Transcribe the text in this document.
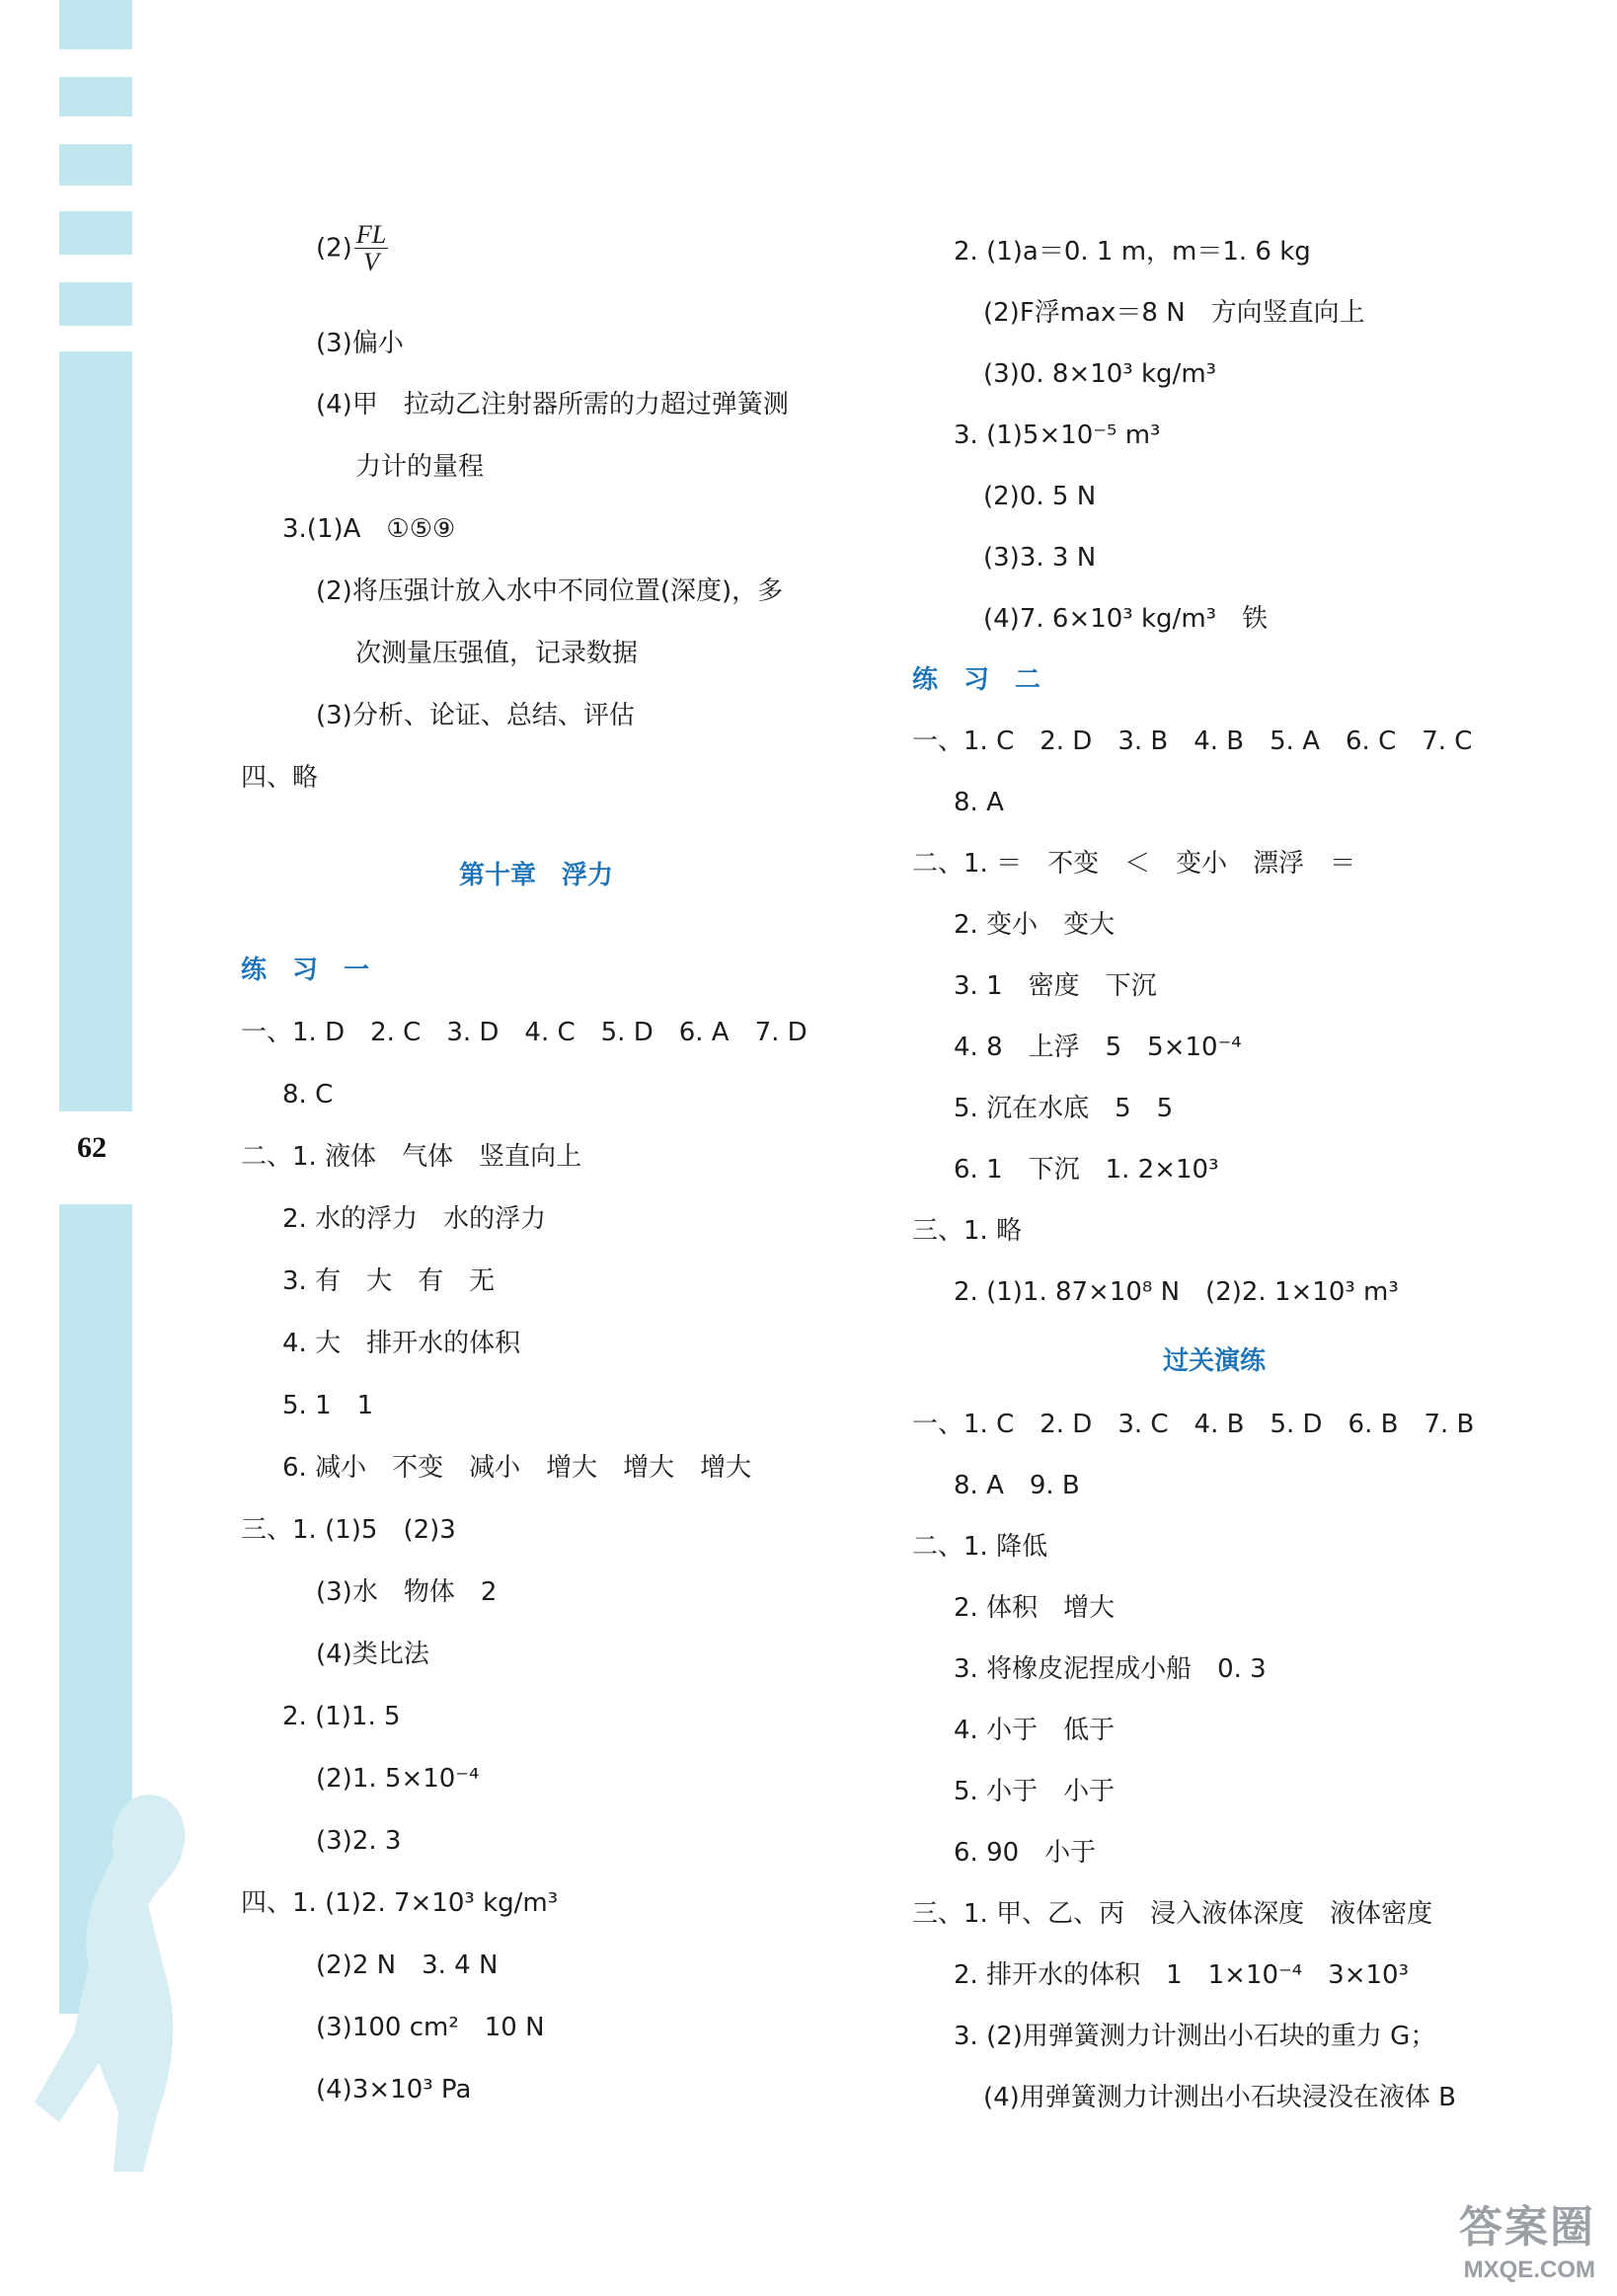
62
$(2) \frac{FL}{V}$
(3)偏小
(4)甲　拉动乙注射器所需的力超过弹簧测
力计的量程
3.(1)A　①⑤⑨
(2)将压强计放入水中不同位置(深度)，多
次测量压强值，记录数据
(3)分析、论证、总结、评估
四、略
第十章　浮力
练　习　一
一、1. D　2. C　3. D　4. C　5. D　6. A　7. D
8. C
二、1. 液体　气体　竖直向上
2. 水的浮力　水的浮力
3. 有　大　有　无
4. 大　排开水的体积
5. 1　1
6. 减小　不变　减小　增大　增大　增大
三、1. (1)5　(2)3
(3)水　物体　2
(4)类比法
2. (1)1. 5
(2)1. 5×10⁻⁴
(3)2. 3
四、1. (1)2. 7×10³ kg/m³
(2)2 N　3. 4 N
(3)100 cm²　10 N
(4)3×10³ Pa
2. (1)a＝0. 1 m，m＝1. 6 kg
(2)F浮max＝8 N　方向竖直向上
(3)0. 8×10³ kg/m³
3. (1)5×10⁻⁵ m³
(2)0. 5 N
(3)3. 3 N
(4)7. 6×10³ kg/m³　铁
练　习　二
一、1. C　2. D　3. B　4. B　5. A　6. C　7. C
8. A
二、1. ＝　不变　＜　变小　漂浮　＝
2. 变小　变大
3. 1　密度　下沉
4. 8　上浮　5　5×10⁻⁴
5. 沉在水底　5　5
6. 1　下沉　1. 2×10³
三、1. 略
2. (1)1. 87×10⁸ N　(2)2. 1×10³ m³
过关演练
一、1. C　2. D　3. C　4. B　5. D　6. B　7. B
8. A　9. B
二、1. 降低
2. 体积　增大
3. 将橡皮泥捏成小船　0. 3
4. 小于　低于
5. 小于　小于
6. 90　小于
三、1. 甲、乙、丙　浸入液体深度　液体密度
2. 排开水的体积　1　1×10⁻⁴　3×10³
3. (2)用弹簧测力计测出小石块的重力 G；
(4)用弹簧测力计测出小石块浸没在液体 B
答案圈
MXQE.COM
